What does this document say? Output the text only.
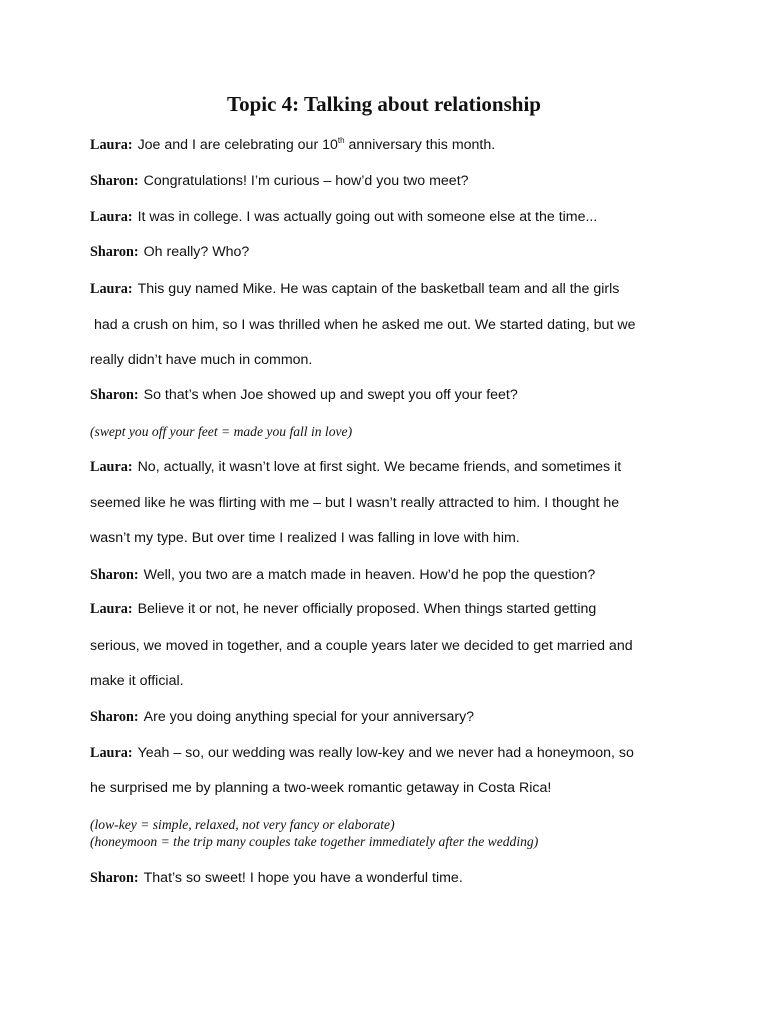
Topic 4: Talking about relationship
Laura: Joe and I are celebrating our 10th anniversary this month.
Sharon: Congratulations! I’m curious – how’d you two meet?
Laura: It was in college. I was actually going out with someone else at the time...
Sharon: Oh really? Who?
Laura: This guy named Mike. He was captain of the basketball team and all the girls
had a crush on him, so I was thrilled when he asked me out. We started dating, but we
really didn’t have much in common.
Sharon: So that’s when Joe showed up and swept you off your feet?
(swept you off your feet = made you fall in love)
Laura: No, actually, it wasn’t love at first sight. We became friends, and sometimes it
seemed like he was flirting with me – but I wasn’t really attracted to him. I thought he
wasn’t my type. But over time I realized I was falling in love with him.
Sharon: Well, you two are a match made in heaven. How’d he pop the question?
Laura: Believe it or not, he never officially proposed. When things started getting
serious, we moved in together, and a couple years later we decided to get married and
make it official.
Sharon: Are you doing anything special for your anniversary?
Laura: Yeah – so, our wedding was really low-key and we never had a honeymoon, so
he surprised me by planning a two-week romantic getaway in Costa Rica!
(low-key = simple, relaxed, not very fancy or elaborate)
(honeymoon = the trip many couples take together immediately after the wedding)
Sharon: That’s so sweet! I hope you have a wonderful time.
